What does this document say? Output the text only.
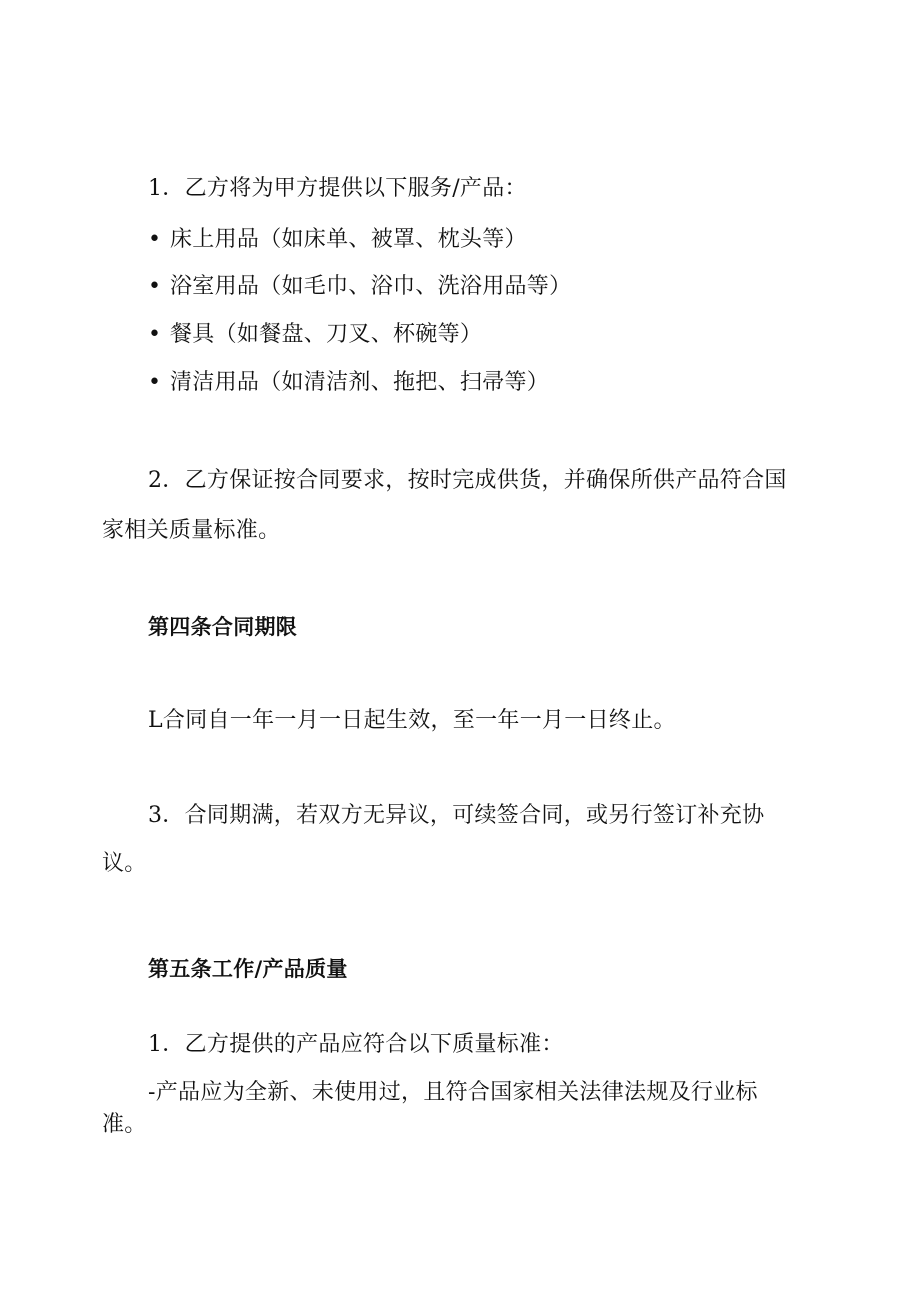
1．乙方将为甲方提供以下服务/产品：
• 床上用品（如床单、被罩、枕头等）
• 浴室用品（如毛巾、浴巾、洗浴用品等）
• 餐具（如餐盘、刀叉、杯碗等）
• 清洁用品（如清洁剂、拖把、扫帚等）
2．乙方保证按合同要求，按时完成供货，并确保所供产品符合国
家相关质量标准。
第四条合同期限
L合同自一年一月一日起生效，至一年一月一日终止。
3．合同期满，若双方无异议，可续签合同，或另行签订补充协
议。
第五条工作/产品质量
1．乙方提供的产品应符合以下质量标准：
-产品应为全新、未使用过，且符合国家相关法律法规及行业标
准。
